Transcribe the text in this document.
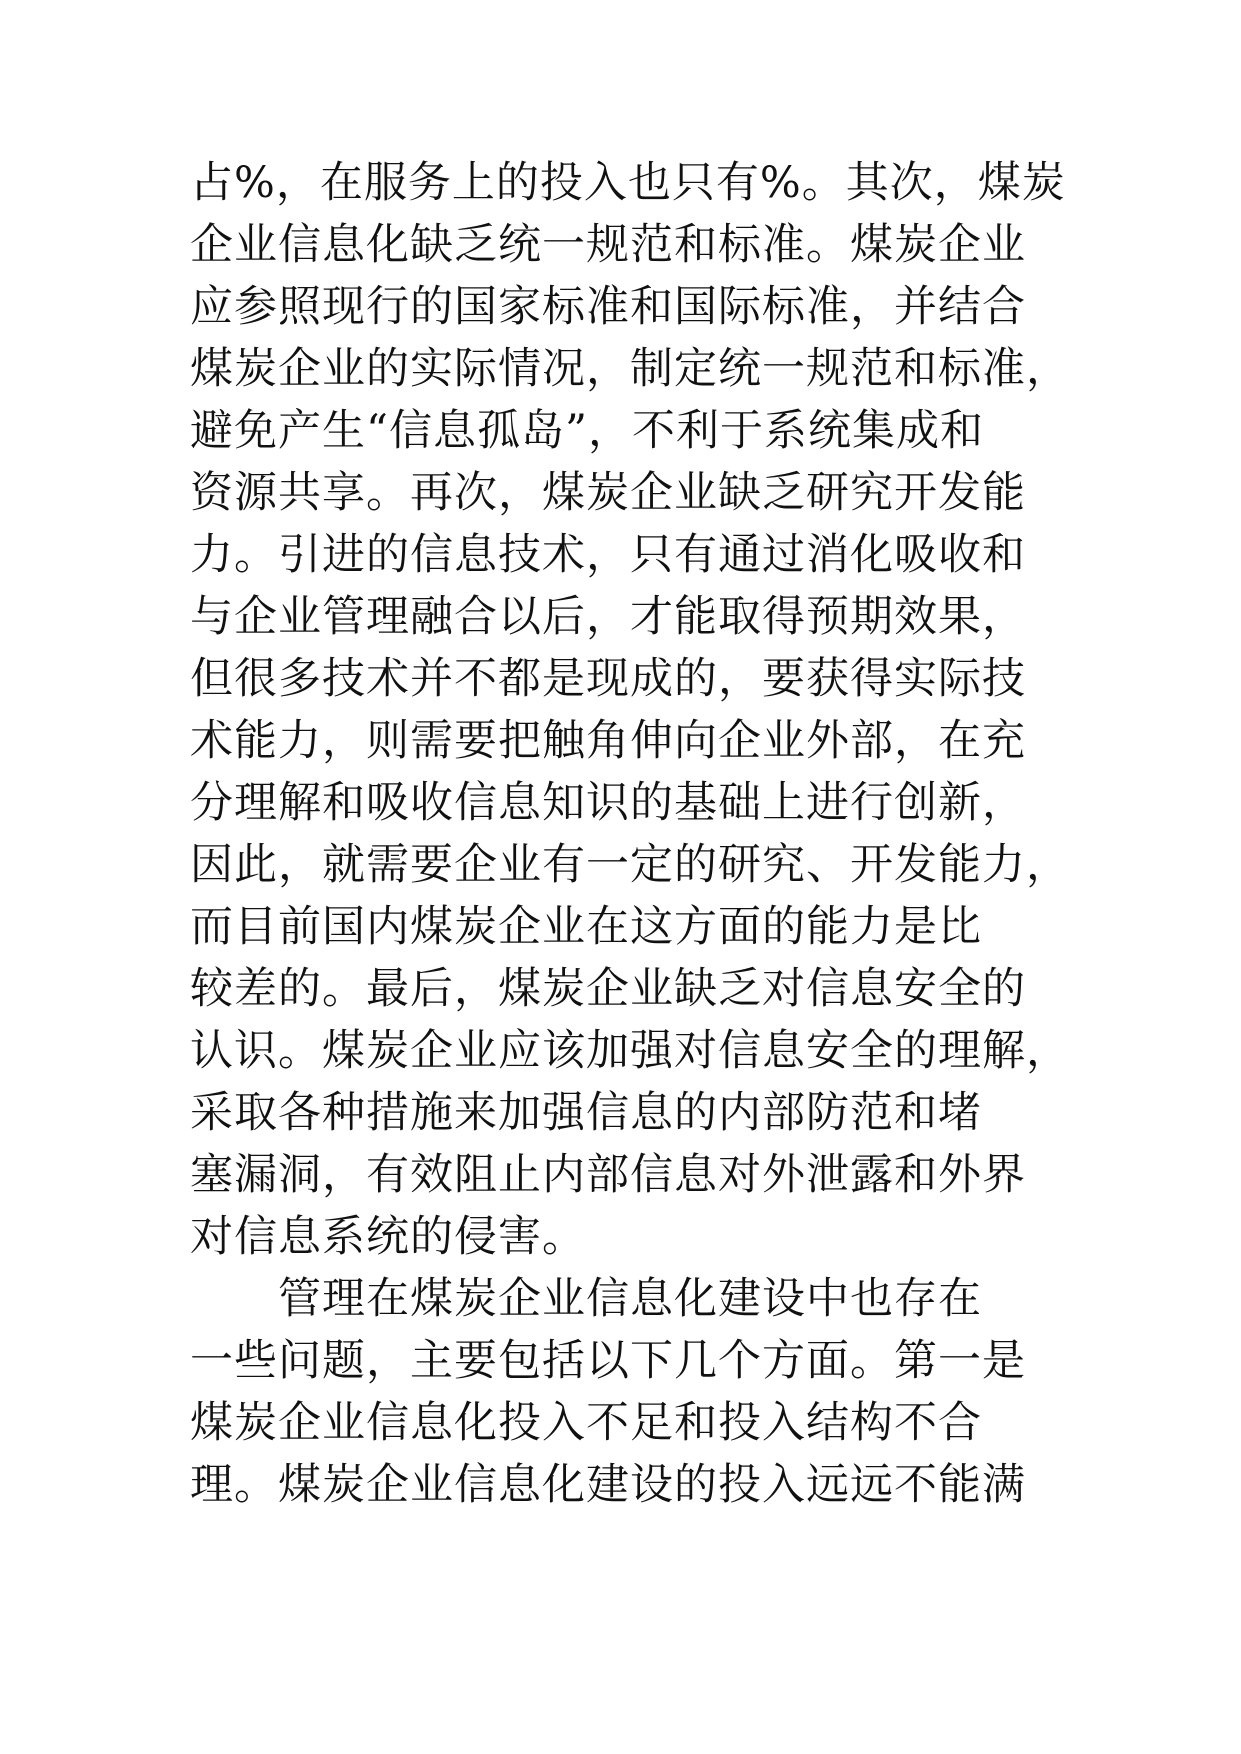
占%，在服务上的投入也只有%。其次，煤炭
企业信息化缺乏统一规范和标准。煤炭企业
应参照现行的国家标准和国际标准，并结合
煤炭企业的实际情况，制定统一规范和标准，
避免产生“信息孤岛”，不利于系统集成和
资源共享。再次，煤炭企业缺乏研究开发能
力。引进的信息技术，只有通过消化吸收和
与企业管理融合以后，才能取得预期效果，
但很多技术并不都是现成的，要获得实际技
术能力，则需要把触角伸向企业外部，在充
分理解和吸收信息知识的基础上进行创新，
因此，就需要企业有一定的研究、开发能力，
而目前国内煤炭企业在这方面的能力是比
较差的。最后，煤炭企业缺乏对信息安全的
认识。煤炭企业应该加强对信息安全的理解，
采取各种措施来加强信息的内部防范和堵
塞漏洞，有效阻止内部信息对外泄露和外界
对信息系统的侵害。
管理在煤炭企业信息化建设中也存在
一些问题，主要包括以下几个方面。第一是
煤炭企业信息化投入不足和投入结构不合
理。煤炭企业信息化建设的投入远远不能满
